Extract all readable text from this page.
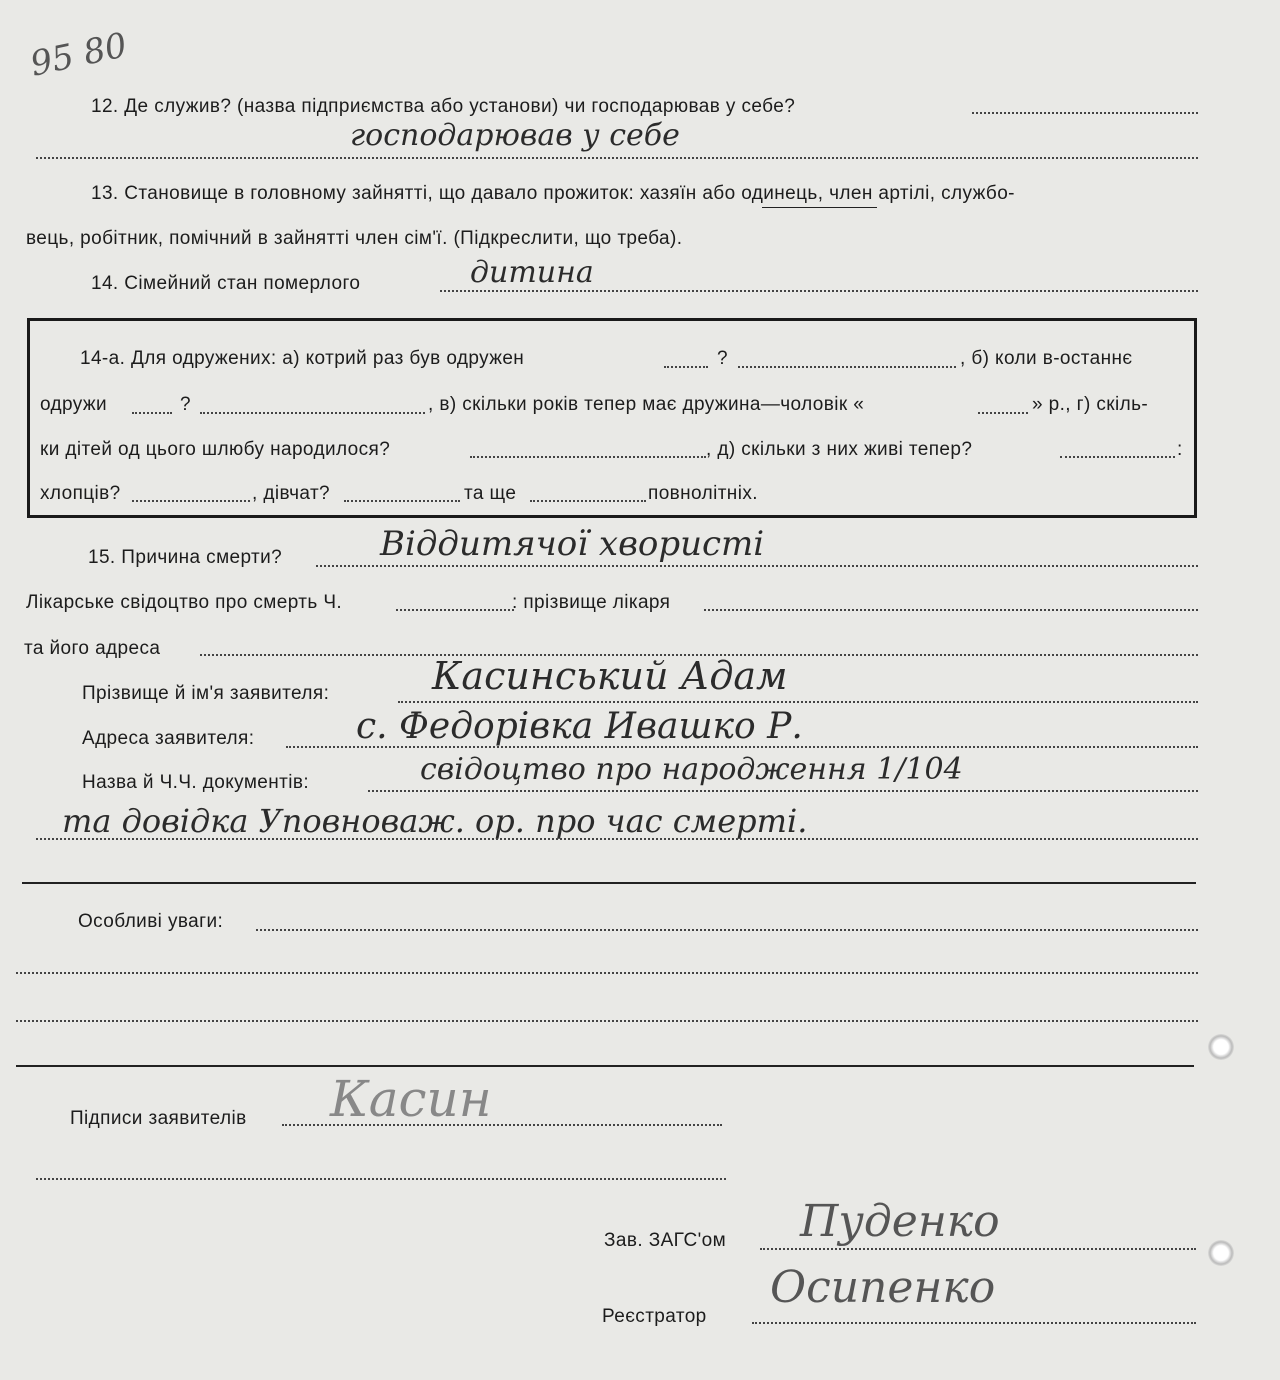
95 80
12. Де служив? (назва підприємства або установи) чи господарював у себе?
господарював у себе
13. Становище в головному зайнятті, що давало прожиток: хазяїн або одинець, член артілі, службо-
вець, робітник, помічний в зайнятті член сім'ї. (Підкреслити, що треба).
14. Сімейний стан померлого	дитина
14-а. Для одружених: а) котрий раз був одружен	?	, б) коли в-останнє
одружи	?	, в) скільки років тепер має дружина—чоловік «	» р., г) скіль-
ки дітей од цього шлюбу народилося?	, д) скільки з них живі тепер?	:
хлопців?	, дівчат?	та ще	повнолітніх.
15. Причина смерти?	Віддитячої хвористі
Лікарське свідоцтво про смерть Ч.	: прізвище лікаря
та його адреса
Прізвище й ім'я заявителя:	Касинський Адам
Адреса заявителя:	с. Федорівка Ивашко Р.
Назва й Ч.Ч. документів:	свідоцтво про народження 1/104
та довідка Уповноваж. ор. про час смерті.
Особливі уваги:
Підписи заявителів Касин
Зав. ЗАГС'ом Пуденко
Реєстратор
Осипенко
